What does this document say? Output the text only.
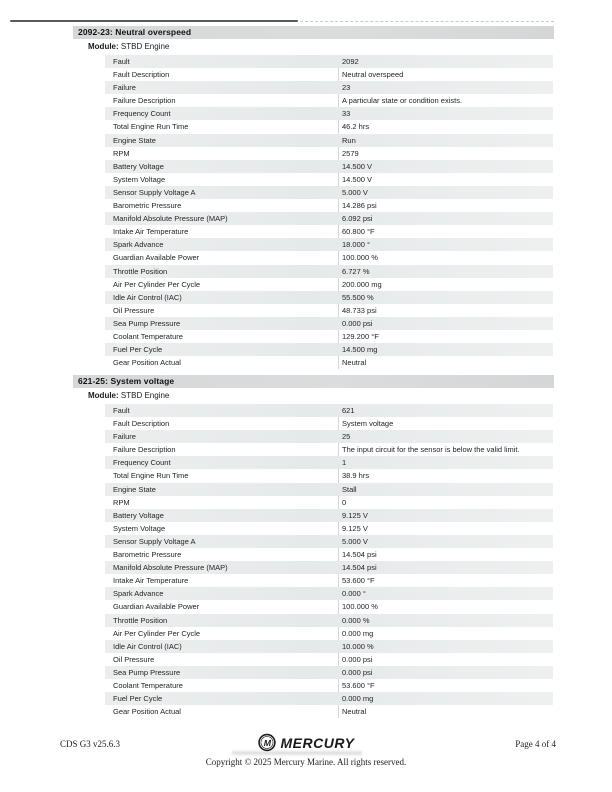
2092-23: Neutral overspeed
Module: STBD Engine
Fault	2092
Fault Description	Neutral overspeed
Failure	23
Failure Description	A particular state or condition exists.
Frequency Count	33
Total Engine Run Time	46.2 hrs
Engine State	Run
RPM	2579
Battery Voltage	14.500 V
System Voltage	14.500 V
Sensor Supply Voltage A	5.000 V
Barometric Pressure	14.286 psi
Manifold Absolute Pressure (MAP)	6.092 psi
Intake Air Temperature	60.800 °F
Spark Advance	18.000 °
Guardian Available Power	100.000 %
Throttle Position	6.727 %
Air Per Cylinder Per Cycle	200.000 mg
Idle Air Control (IAC)	55.500 %
Oil Pressure	48.733 psi
Sea Pump Pressure	0.000 psi
Coolant Temperature	129.200 °F
Fuel Per Cycle	14.500 mg
Gear Position Actual	Neutral
621-25: System voltage
Module: STBD Engine
Fault	621
Fault Description	System voltage
Failure	25
Failure Description	The input circuit for the sensor is below the valid limit.
Frequency Count	1
Total Engine Run Time	38.9 hrs
Engine State	Stall
RPM	0
Battery Voltage	9.125 V
System Voltage	9.125 V
Sensor Supply Voltage A	5.000 V
Barometric Pressure	14.504 psi
Manifold Absolute Pressure (MAP)	14.504 psi
Intake Air Temperature	53.600 °F
Spark Advance	0.000 °
Guardian Available Power	100.000 %
Throttle Position	0.000 %
Air Per Cylinder Per Cycle	0.000 mg
Idle Air Control (IAC)	10.000 %
Oil Pressure	0.000 psi
Sea Pump Pressure	0.000 psi
Coolant Temperature	53.600 °F
Fuel Per Cycle	0.000 mg
Gear Position Actual	Neutral
CDS G3 v25.6.3	M MERCURY	Page 4 of 4
Copyright © 2025 Mercury Marine. All rights reserved.
